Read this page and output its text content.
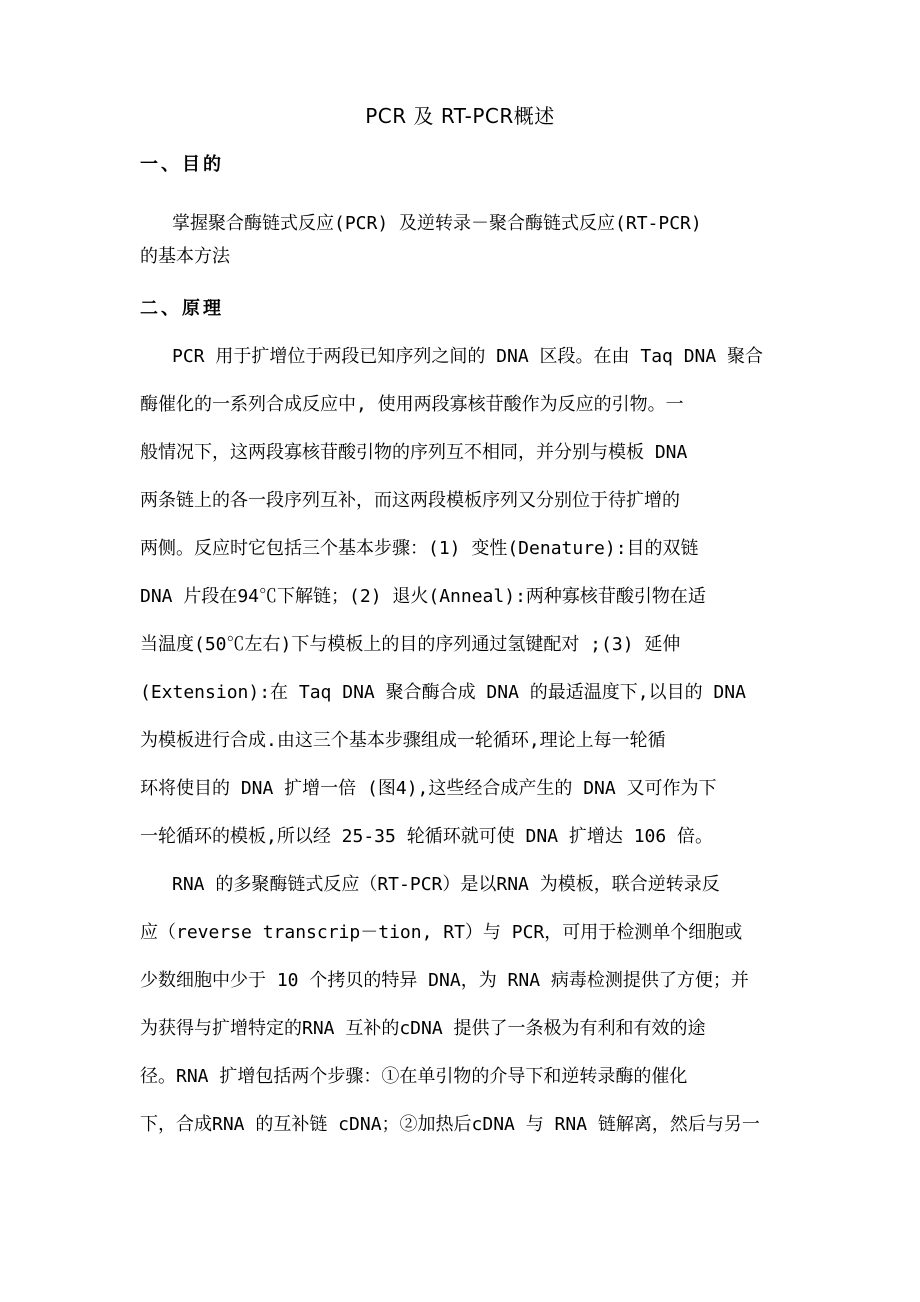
PCR 及 RT-PCR概述
一、目的
掌握聚合酶链式反应(PCR) 及逆转录－聚合酶链式反应(RT-PCR)
的基本方法
二、原理
PCR 用于扩增位于两段已知序列之间的 DNA 区段。在由 Taq DNA 聚合
酶催化的一系列合成反应中, 使用两段寡核苷酸作为反应的引物。一
般情况下，这两段寡核苷酸引物的序列互不相同，并分别与模板 DNA
两条链上的各一段序列互补，而这两段模板序列又分别位于待扩增的
两侧。反应时它包括三个基本步骤：(1) 变性(Denature):目的双链
DNA 片段在94℃下解链；(2) 退火(Anneal):两种寡核苷酸引物在适
当温度(50℃左右)下与模板上的目的序列通过氢键配对 ;(3) 延伸
(Extension):在 Taq DNA 聚合酶合成 DNA 的最适温度下,以目的 DNA
为模板进行合成.由这三个基本步骤组成一轮循环,理论上每一轮循
环将使目的 DNA 扩增一倍 (图4),这些经合成产生的 DNA 又可作为下
一轮循环的模板,所以经 25-35 轮循环就可使 DNA 扩增达 106 倍。
RNA 的多聚酶链式反应（RT-PCR）是以RNA 为模板，联合逆转录反
应（reverse transcrip－tion, RT）与 PCR，可用于检测单个细胞或
少数细胞中少于 10 个拷贝的特异 DNA，为 RNA 病毒检测提供了方便；并
为获得与扩增特定的RNA 互补的cDNA 提供了一条极为有利和有效的途
径。RNA 扩增包括两个步骤：①在单引物的介导下和逆转录酶的催化
下，合成RNA 的互补链 cDNA；②加热后cDNA 与 RNA 链解离，然后与另一
